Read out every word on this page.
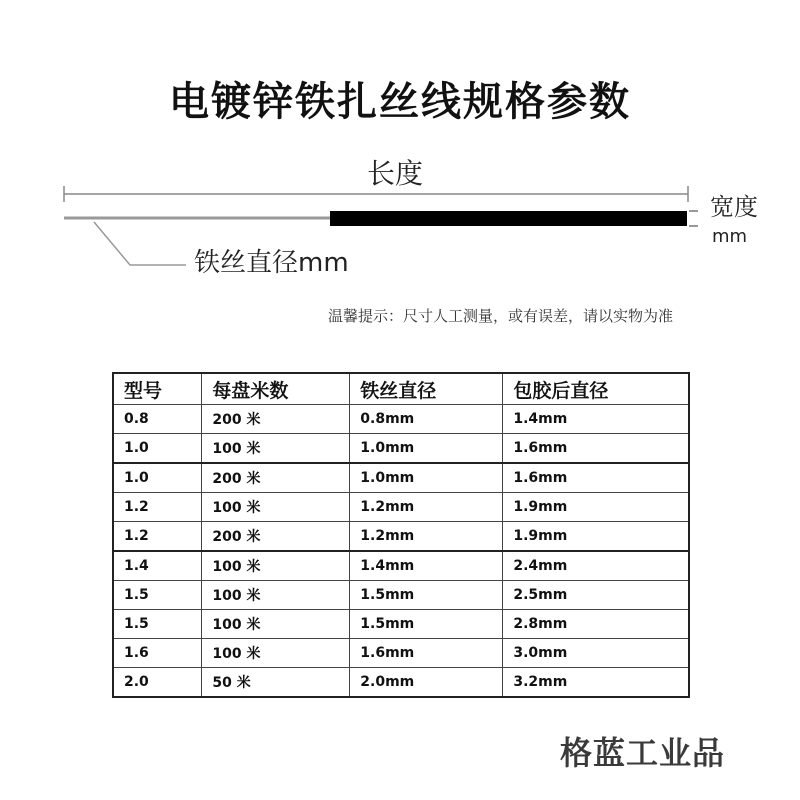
电镀锌铁扎丝线规格参数
长度
宽度
mm
铁丝直径mm
温馨提示：尺寸人工测量，或有误差，请以实物为准
型号	每盘米数	铁丝直径	包胶后直径
0.8	200 米	0.8mm	1.4mm
1.0	100 米	1.0mm	1.6mm
1.0	200 米	1.0mm	1.6mm
1.2	100 米	1.2mm	1.9mm
1.2	200 米	1.2mm	1.9mm
1.4	100 米	1.4mm	2.4mm
1.5	100 米	1.5mm	2.5mm
1.5	100 米	1.5mm	2.8mm
1.6	100 米	1.6mm	3.0mm
2.0	50 米	2.0mm	3.2mm
格蓝工业品
